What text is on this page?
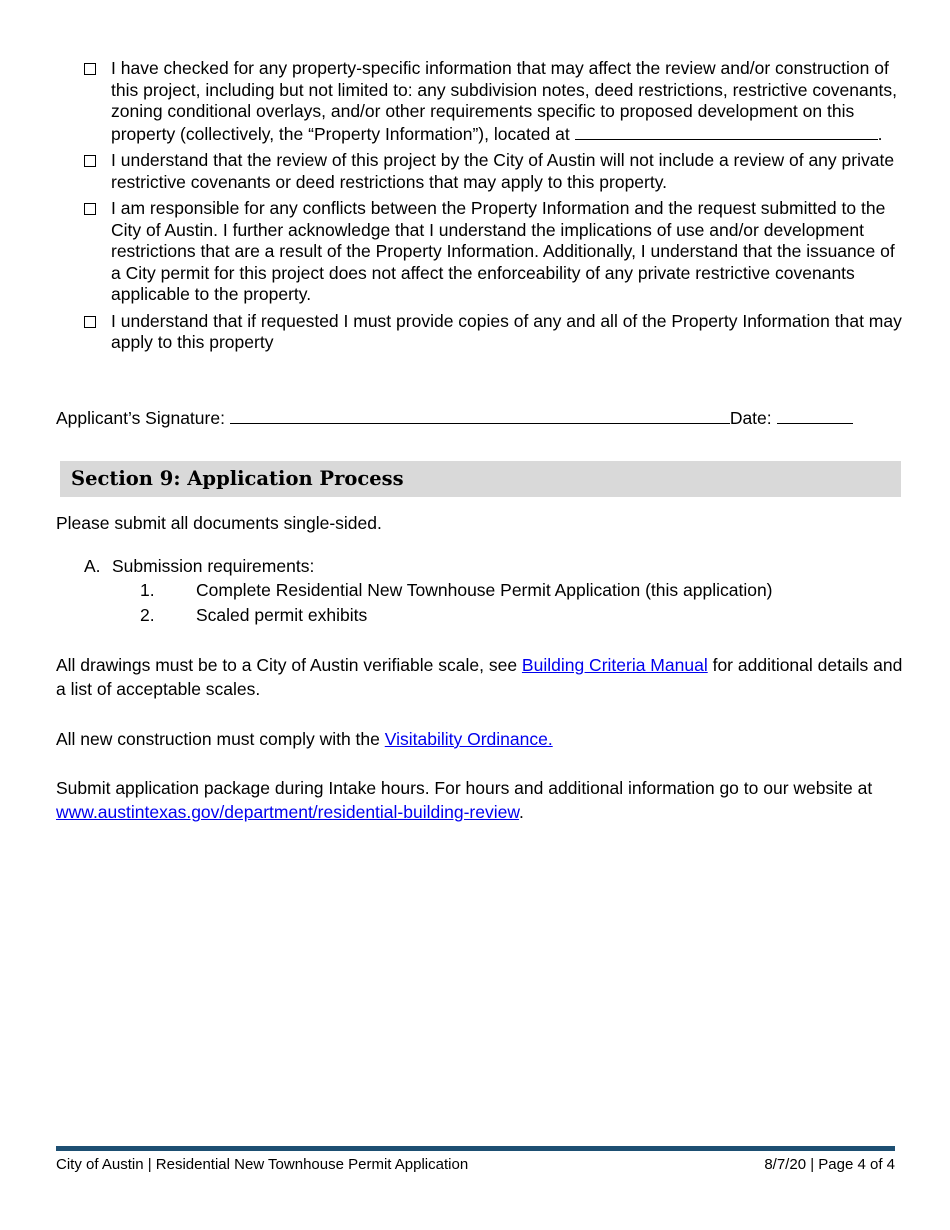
I have checked for any property-specific information that may affect the review and/or construction of this project, including but not limited to: any subdivision notes, deed restrictions, restrictive covenants, zoning conditional overlays, and/or other requirements specific to proposed development on this property (collectively, the “Property Information”), located at	.
I understand that the review of this project by the City of Austin will not include a review of any private restrictive covenants or deed restrictions that may apply to this property.
I am responsible for any conflicts between the Property Information and the request submitted to the City of Austin. I further acknowledge that I understand the implications of use and/or development restrictions that are a result of the Property Information. Additionally, I understand that the issuance of a City permit for this project does not affect the enforceability of any private restrictive covenants applicable to the property.
I understand that if requested I must provide copies of any and all of the Property Information that may apply to this property
Applicant’s Signature:	Date:
Section 9: Application Process

Please submit all documents single-sided.

A. Submission requirements:
1. Complete Residential New Townhouse Permit Application (this application)
2. Scaled permit exhibits

All drawings must be to a City of Austin verifiable scale, see Building Criteria Manual for additional details and a list of acceptable scales.

All new construction must comply with the Visitability Ordinance.

Submit application package during Intake hours. For hours and additional information go to our website at www.austintexas.gov/department/residential-building-review.

City of Austin | Residential New Townhouse Permit Application	8/7/20 | Page 4 of 4
